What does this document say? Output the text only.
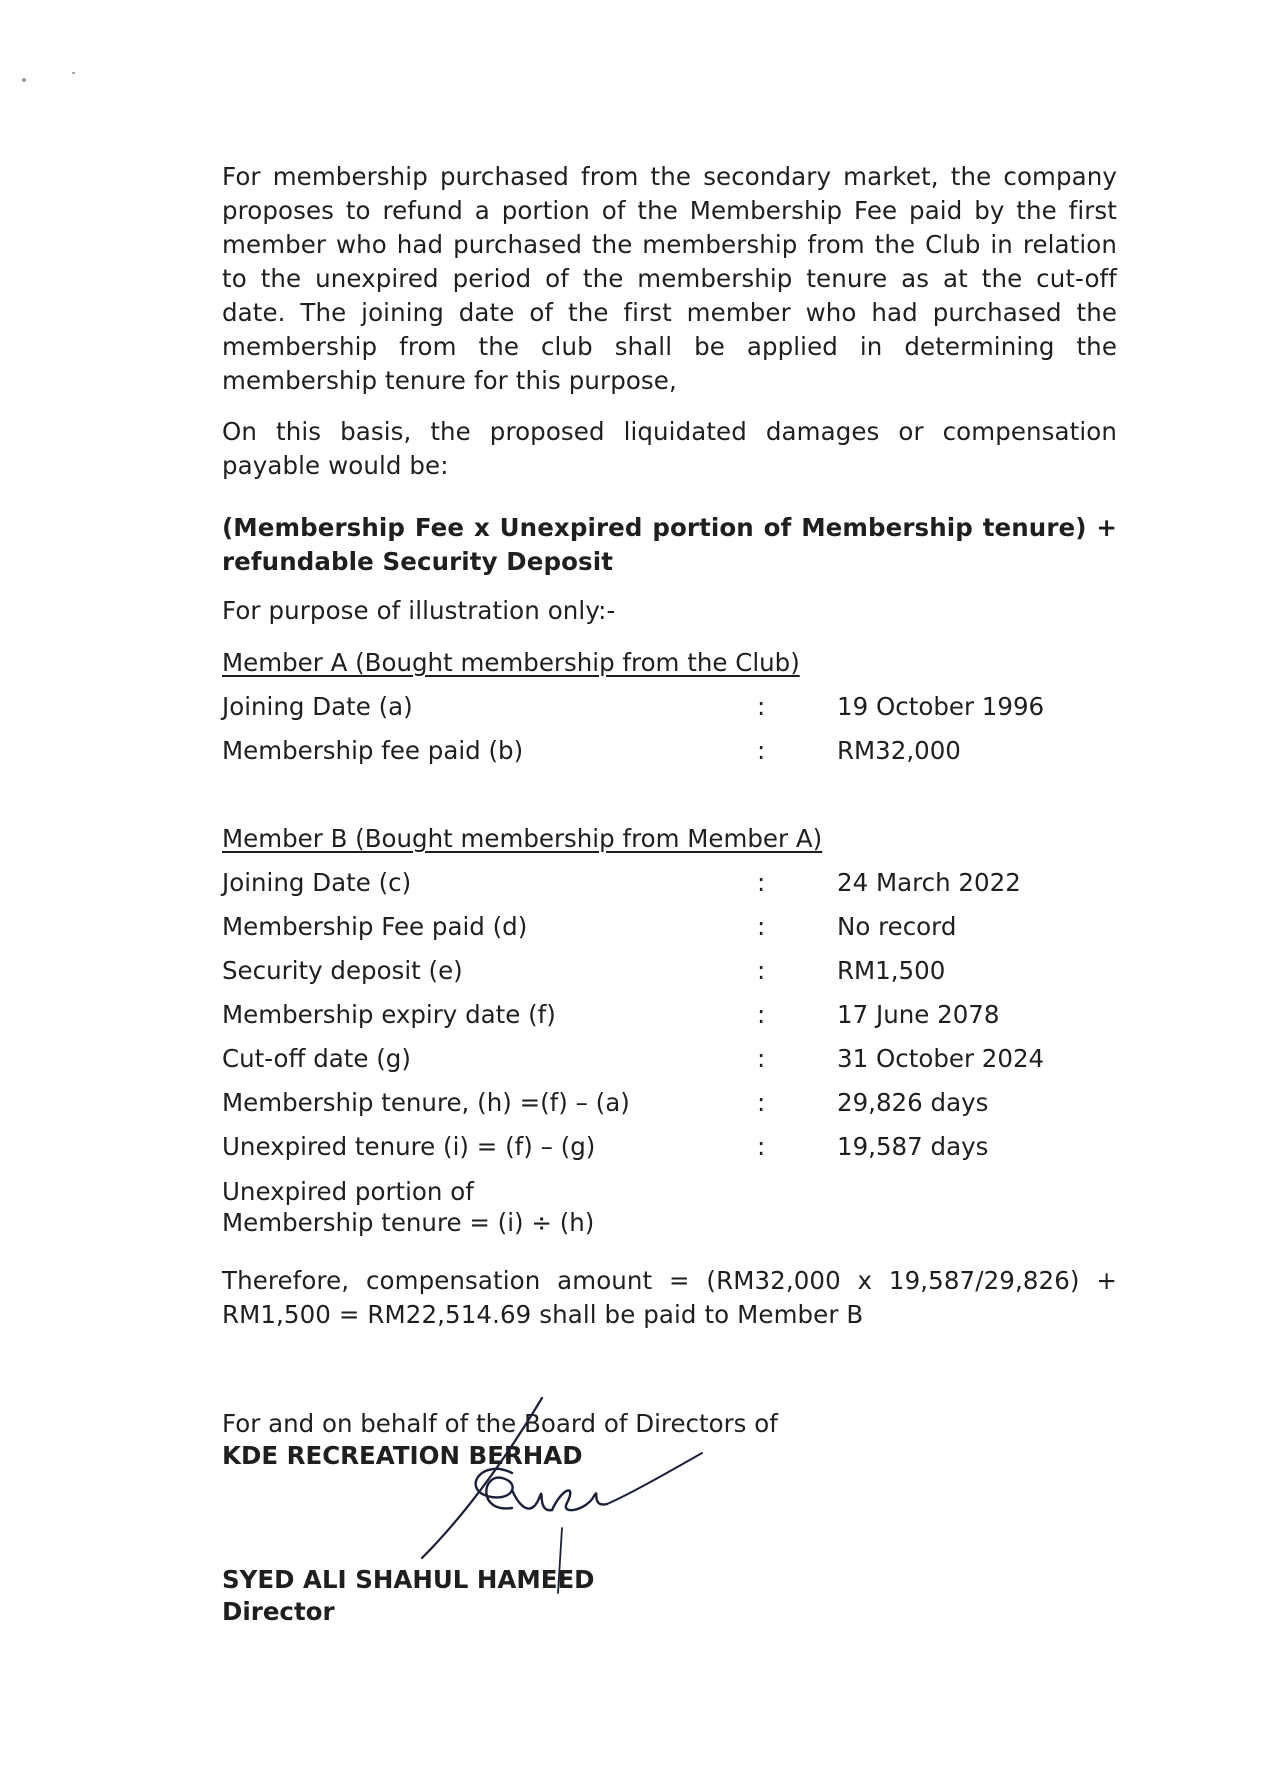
For membership purchased from the secondary market, the company proposes to refund a portion of the Membership Fee paid by the first member who had purchased the membership from the Club in relation to the unexpired period of the membership tenure as at the cut-off date. The joining date of the first member who had purchased the membership from the club shall be applied in determining the membership tenure for this purpose,
On this basis, the proposed liquidated damages or compensation payable would be:
(Membership Fee x Unexpired portion of Membership tenure) + refundable Security Deposit
For purpose of illustration only:-
Member A (Bought membership from the Club)
Joining Date (a)	:	19 October 1996
Membership fee paid (b)	:	RM32,000
Member B (Bought membership from Member A)
Joining Date (c)	:	24 March 2022
Membership Fee paid (d)	:	No record
Security deposit (e)	:	RM1,500
Membership expiry date (f)	:	17 June 2078
Cut-off date (g)	:	31 October 2024
Membership tenure, (h) =(f) – (a)	:	29,826 days
Unexpired tenure (i) = (f) – (g)	:	19,587 days
Unexpired portion of
Membership tenure = (i) ÷ (h)
Therefore, compensation amount = (RM32,000 x 19,587/29,826) + RM1,500 = RM22,514.69 shall be paid to Member B
For and on behalf of the Board of Directors of
KDE RECREATION BERHAD
SYED ALI SHAHUL HAMEED
Director
